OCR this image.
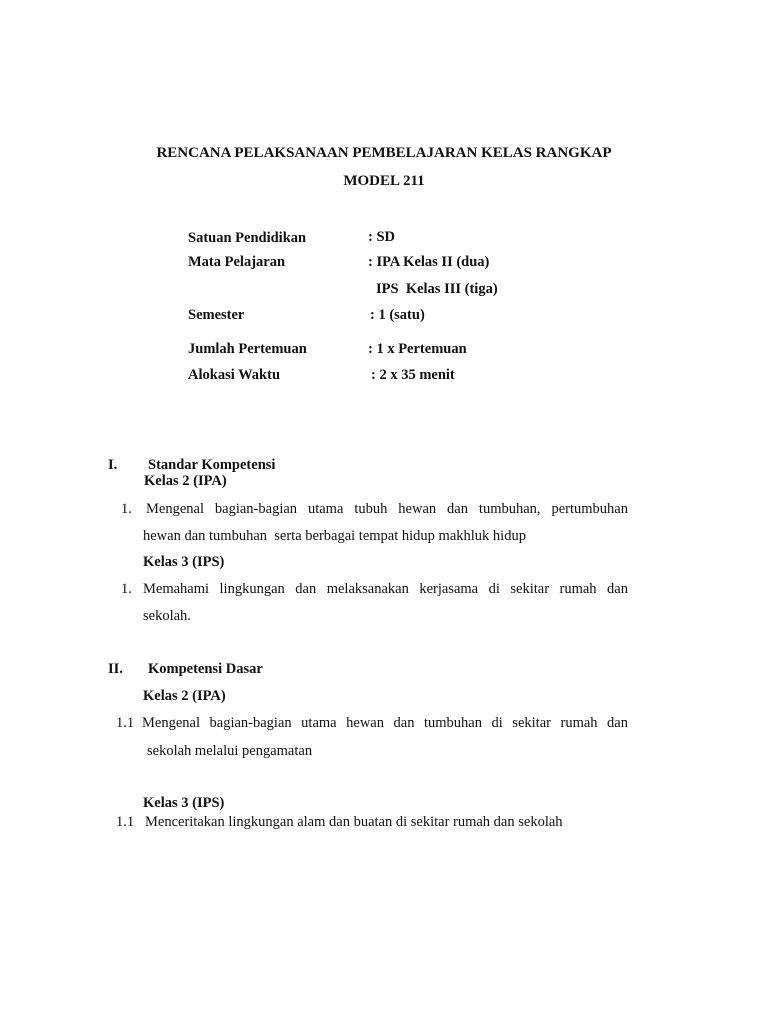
RENCANA PELAKSANAAN PEMBELAJARAN KELAS RANGKAP
MODEL 211
Satuan Pendidikan	: SD
Mata Pelajaran	: IPA Kelas II (dua)
IPS  Kelas III (tiga)
Semester	: 1 (satu)
Jumlah Pertemuan	: 1 x Pertemuan
Alokasi Waktu	: 2 x 35 menit
I. Standar Kompetensi
Kelas 2 (IPA)
1. Mengenal bagian-bagian utama tubuh hewan dan tumbuhan, pertumbuhan
hewan dan tumbuhan  serta berbagai tempat hidup makhluk hidup
Kelas 3 (IPS)
1. Memahami lingkungan dan melaksanakan kerjasama di sekitar rumah dan
sekolah.
II. Kompetensi Dasar
Kelas 2 (IPA)
1.1 Mengenal bagian-bagian utama hewan dan tumbuhan di sekitar rumah dan
sekolah melalui pengamatan
Kelas 3 (IPS)
1.1 Menceritakan lingkungan alam dan buatan di sekitar rumah dan sekolah
